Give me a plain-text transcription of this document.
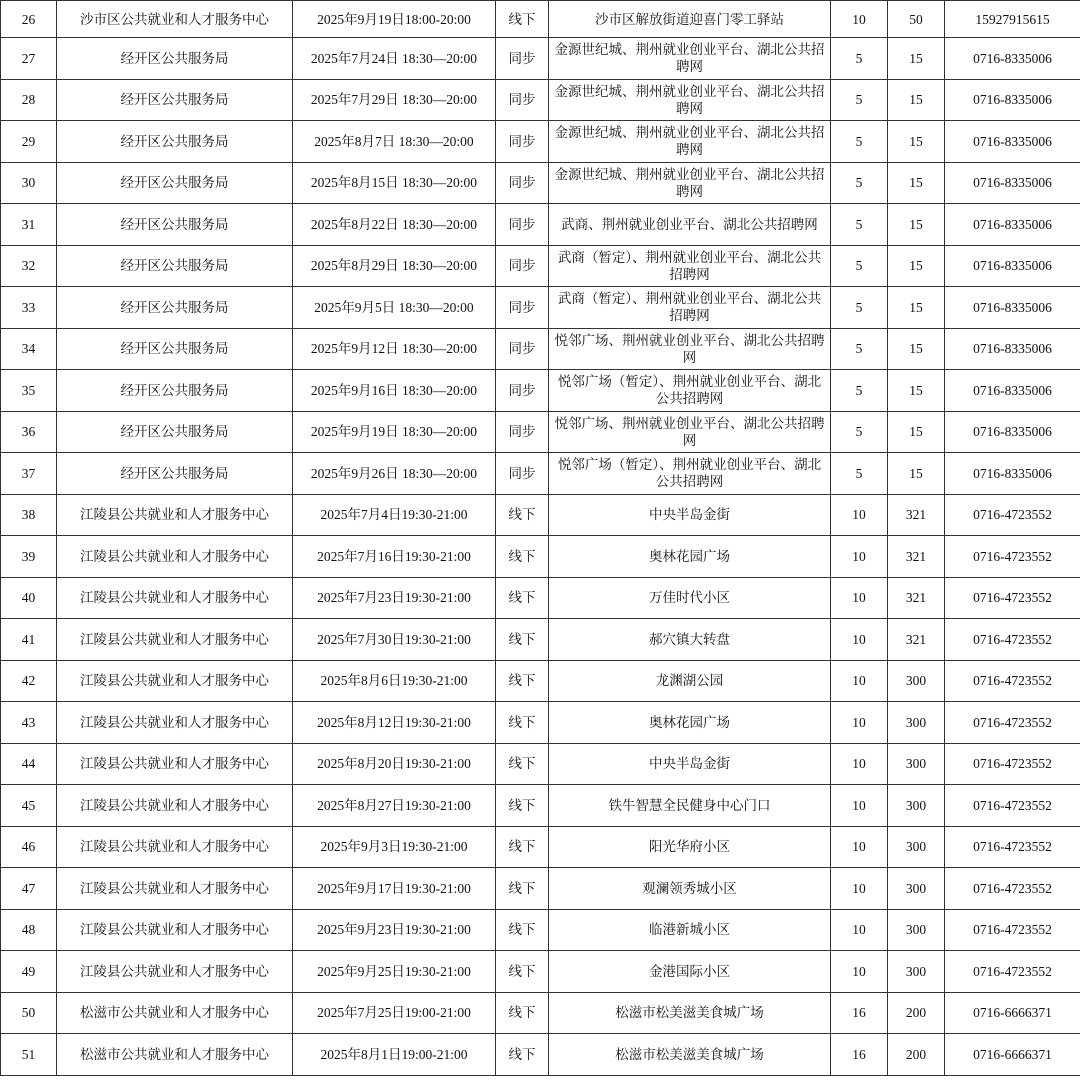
26	沙市区公共就业和人才服务中心	2025年9月19日18:00-20:00	线下	沙市区解放街道迎喜门零工驿站	10	50	15927915615
27	经开区公共服务局	2025年7月24日 18:30—20:00	同步	金源世纪城、荆州就业创业平台、湖北公共招聘网	5	15	0716-8335006
28	经开区公共服务局	2025年7月29日 18:30—20:00	同步	金源世纪城、荆州就业创业平台、湖北公共招聘网	5	15	0716-8335006
29	经开区公共服务局	2025年8月7日 18:30—20:00	同步	金源世纪城、荆州就业创业平台、湖北公共招聘网	5	15	0716-8335006
30	经开区公共服务局	2025年8月15日 18:30—20:00	同步	金源世纪城、荆州就业创业平台、湖北公共招聘网	5	15	0716-8335006
31	经开区公共服务局	2025年8月22日 18:30—20:00	同步	武商、荆州就业创业平台、湖北公共招聘网	5	15	0716-8335006
32	经开区公共服务局	2025年8月29日 18:30—20:00	同步	武商（暂定）、荆州就业创业平台、湖北公共招聘网	5	15	0716-8335006
33	经开区公共服务局	2025年9月5日 18:30—20:00	同步	武商（暂定）、荆州就业创业平台、湖北公共招聘网	5	15	0716-8335006
34	经开区公共服务局	2025年9月12日 18:30—20:00	同步	悦邻广场、荆州就业创业平台、湖北公共招聘网	5	15	0716-8335006
35	经开区公共服务局	2025年9月16日 18:30—20:00	同步	悦邻广场（暂定）、荆州就业创业平台、湖北公共招聘网	5	15	0716-8335006
36	经开区公共服务局	2025年9月19日 18:30—20:00	同步	悦邻广场、荆州就业创业平台、湖北公共招聘网	5	15	0716-8335006
37	经开区公共服务局	2025年9月26日 18:30—20:00	同步	悦邻广场（暂定）、荆州就业创业平台、湖北公共招聘网	5	15	0716-8335006
38	江陵县公共就业和人才服务中心	2025年7月4日19:30-21:00	线下	中央半岛金街	10	321	0716-4723552
39	江陵县公共就业和人才服务中心	2025年7月16日19:30-21:00	线下	奥林花园广场	10	321	0716-4723552
40	江陵县公共就业和人才服务中心	2025年7月23日19:30-21:00	线下	万佳时代小区	10	321	0716-4723552
41	江陵县公共就业和人才服务中心	2025年7月30日19:30-21:00	线下	郝穴镇大转盘	10	321	0716-4723552
42	江陵县公共就业和人才服务中心	2025年8月6日19:30-21:00	线下	龙渊湖公园	10	300	0716-4723552
43	江陵县公共就业和人才服务中心	2025年8月12日19:30-21:00	线下	奥林花园广场	10	300	0716-4723552
44	江陵县公共就业和人才服务中心	2025年8月20日19:30-21:00	线下	中央半岛金街	10	300	0716-4723552
45	江陵县公共就业和人才服务中心	2025年8月27日19:30-21:00	线下	铁牛智慧全民健身中心门口	10	300	0716-4723552
46	江陵县公共就业和人才服务中心	2025年9月3日19:30-21:00	线下	阳光华府小区	10	300	0716-4723552
47	江陵县公共就业和人才服务中心	2025年9月17日19:30-21:00	线下	观澜领秀城小区	10	300	0716-4723552
48	江陵县公共就业和人才服务中心	2025年9月23日19:30-21:00	线下	临港新城小区	10	300	0716-4723552
49	江陵县公共就业和人才服务中心	2025年9月25日19:30-21:00	线下	金港国际小区	10	300	0716-4723552
50	松滋市公共就业和人才服务中心	2025年7月25日19:00-21:00	线下	松滋市松美滋美食城广场	16	200	0716-6666371
51	松滋市公共就业和人才服务中心	2025年8月1日19:00-21:00	线下	松滋市松美滋美食城广场	16	200	0716-6666371
